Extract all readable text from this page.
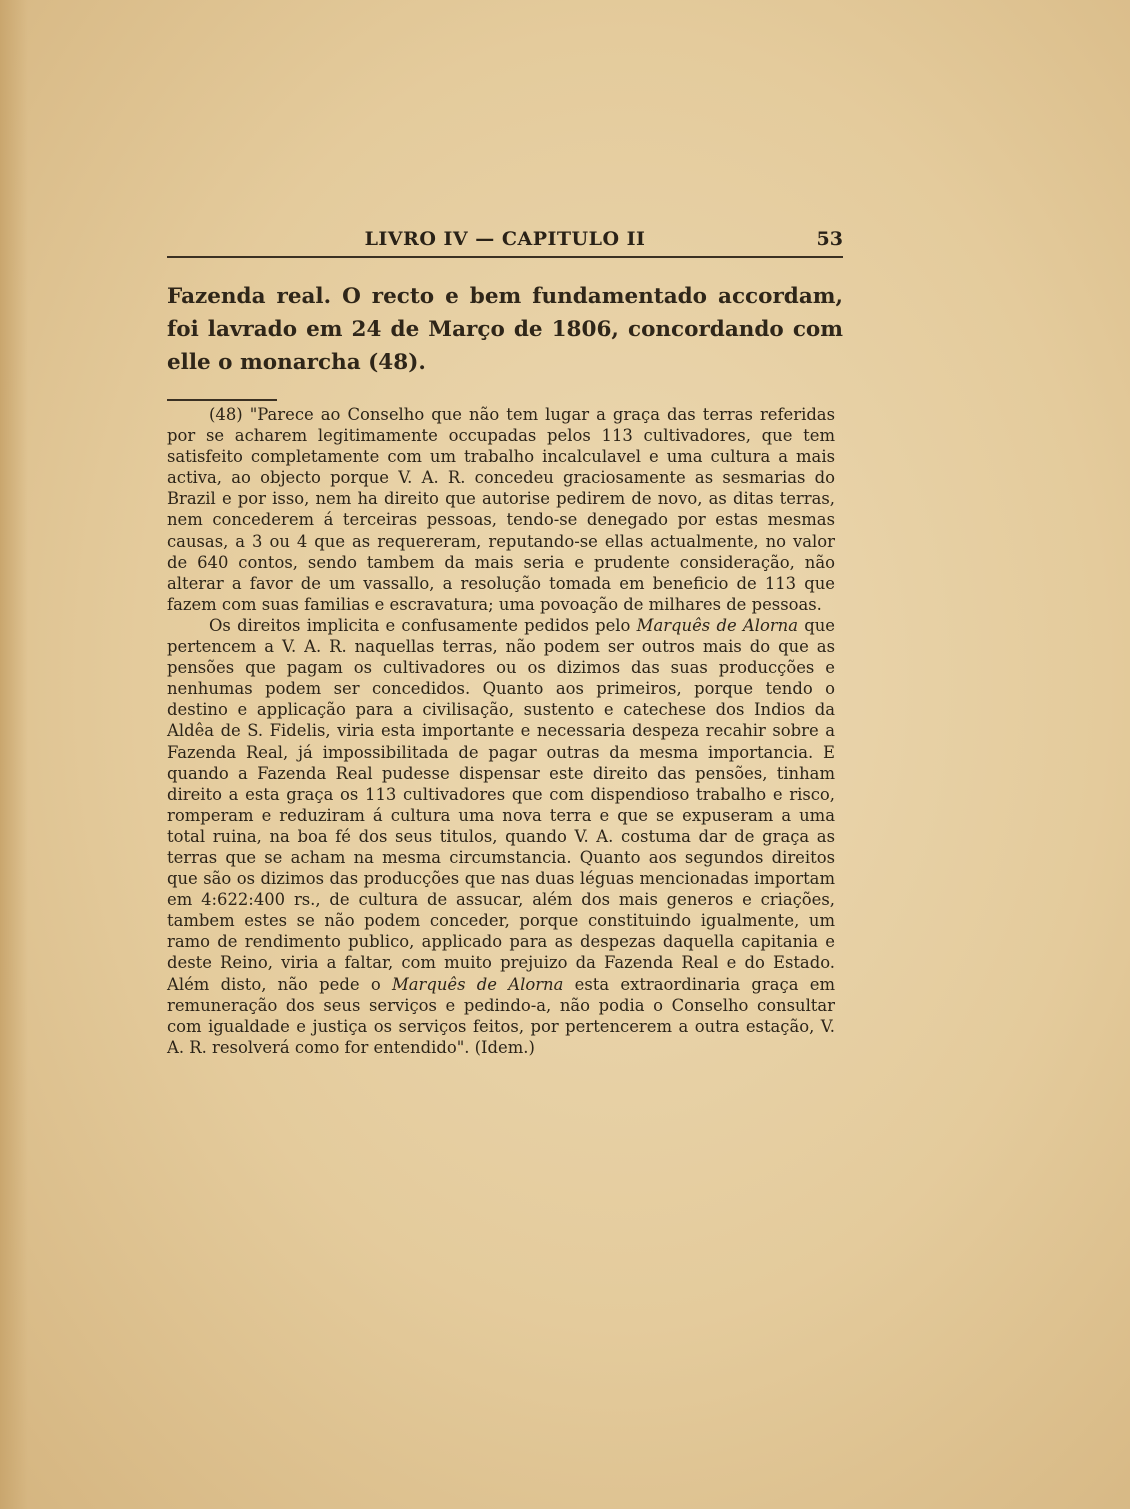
LIVRO IV — CAPITULO II	53

Fazenda real. O recto e bem fundamentado accordam, foi lavrado em 24 de Março de 1806, concordando com elle o monarcha (48).

(48) "Parece ao Conselho que não tem lugar a graça das terras referidas por se acharem legitimamente occupadas pelos 113 cultivadores, que tem satisfeito completamente com um trabalho incalculavel e uma cultura a mais activa, ao objecto porque V. A. R. concedeu graciosamente as sesmarias do Brazil e por isso, nem ha direito que autorise pedirem de novo, as ditas terras, nem concederem á terceiras pessoas, tendo-se denegado por estas mesmas causas, a 3 ou 4 que as requereram, reputando-se ellas actualmente, no valor de 640 contos, sendo tambem da mais seria e prudente consideração, não alterar a favor de um vassallo, a resolução tomada em beneficio de 113 que fazem com suas familias e escravatura; uma povoação de milhares de pessoas.

Os direitos implicita e confusamente pedidos pelo Marquês de Alorna que pertencem a V. A. R. naquellas terras, não podem ser outros mais do que as pensões que pagam os cultivadores ou os dizimos das suas producções e nenhumas podem ser concedidos. Quanto aos primeiros, porque tendo o destino e applicação para a civilisação, sustento e catechese dos Indios da Aldêa de S. Fidelis, viria esta importante e necessaria despeza recahir sobre a Fazenda Real, já impossibilitada de pagar outras da mesma importancia. E quando a Fazenda Real pudesse dispensar este direito das pensões, tinham direito a esta graça os 113 cultivadores que com dispendioso trabalho e risco, romperam e reduziram á cultura uma nova terra e que se expuseram a uma total ruina, na boa fé dos seus titulos, quando V. A. costuma dar de graça as terras que se acham na mesma circumstancia. Quanto aos segundos direitos que são os dizimos das producções que nas duas léguas mencionadas importam em 4:622:400 rs., de cultura de assucar, além dos mais generos e criações, tambem estes se não podem conceder, porque constituindo igualmente, um ramo de rendimento publico, applicado para as despezas daquella capitania e deste Reino, viria a faltar, com muito prejuizo da Fazenda Real e do Estado. Além disto, não pede o Marquês de Alorna esta extraordinaria graça em remuneração dos seus serviços e pedindo-a, não podia o Conselho consultar com igualdade e justiça os serviços feitos, por pertencerem a outra estação, V. A. R. resolverá como for entendido". (Idem.)
